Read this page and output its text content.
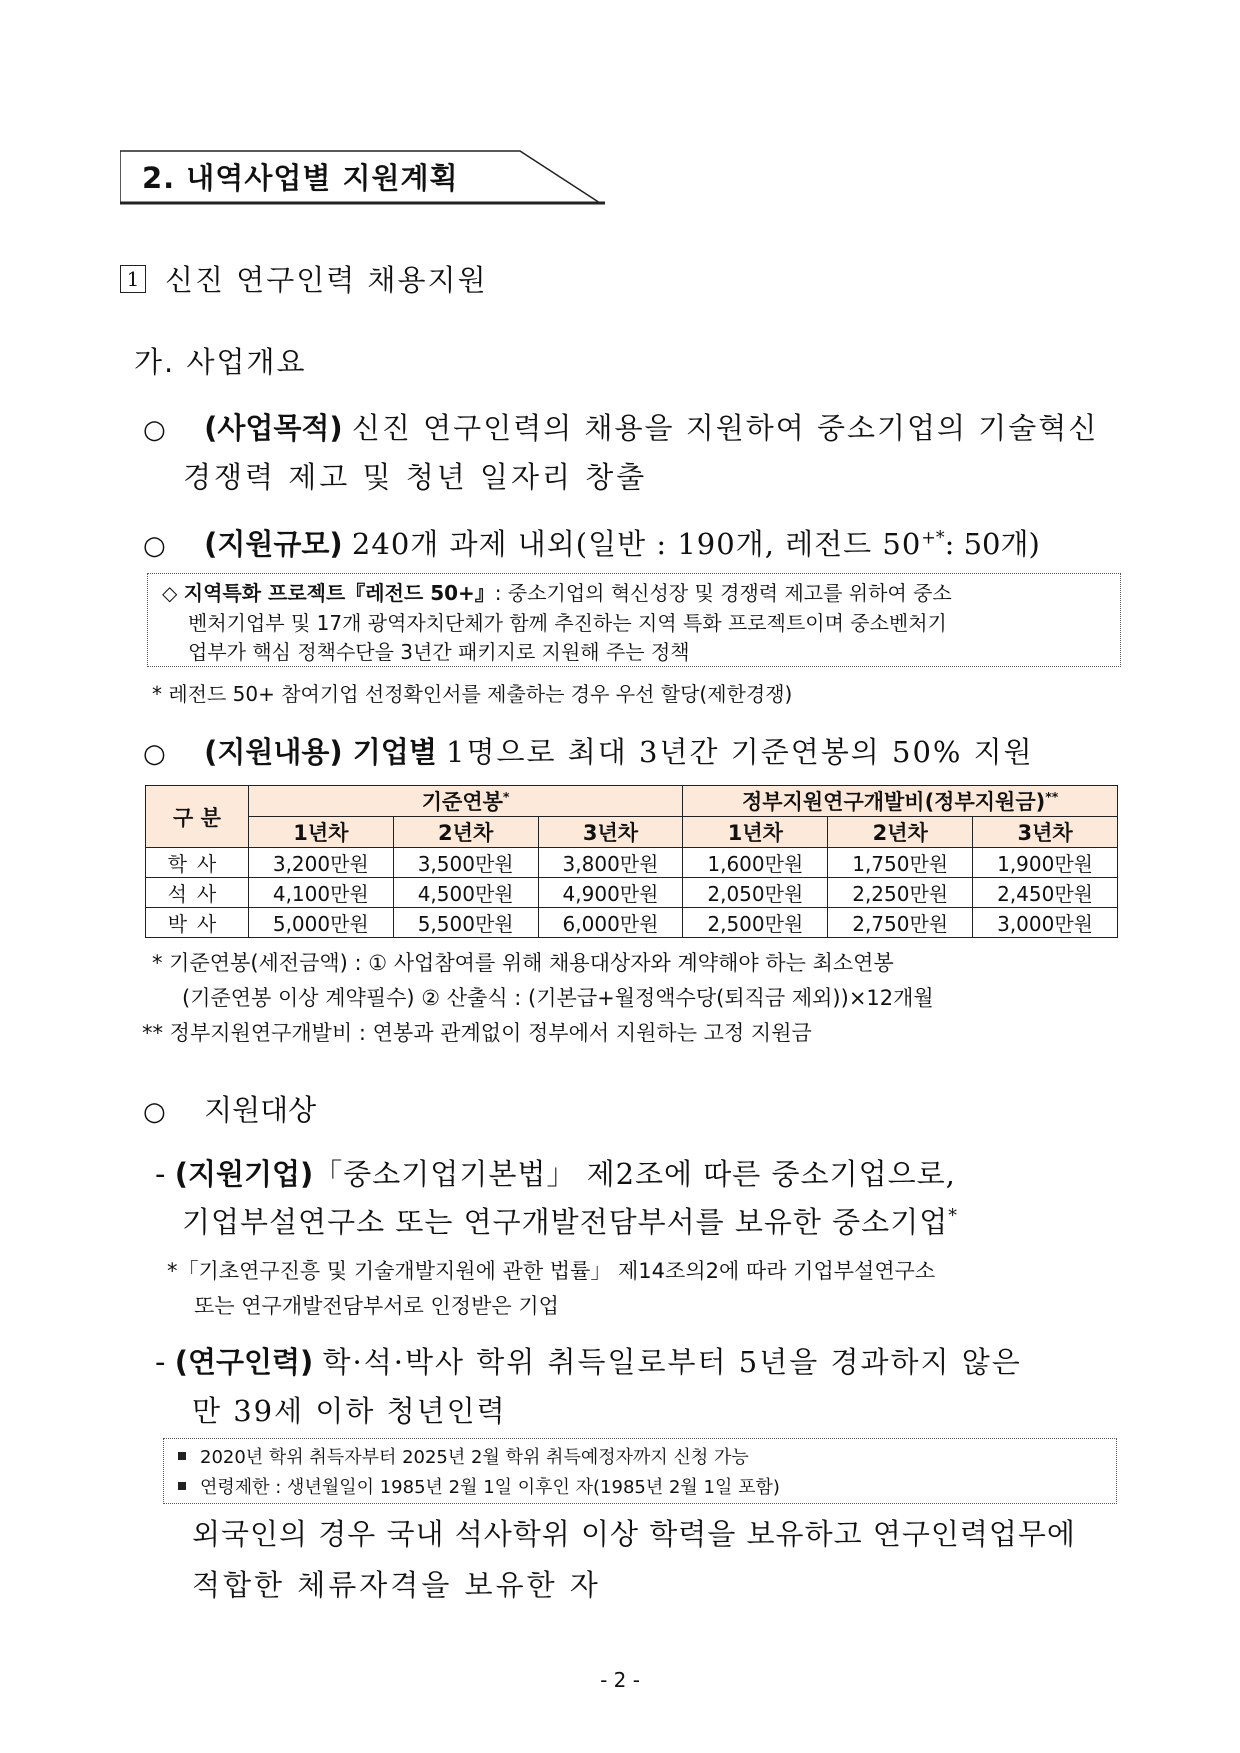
2. 내역사업별 지원계획
1 신진 연구인력 채용지원
가. 사업개요
○ (사업목적) 신진 연구인력의 채용을 지원하여 중소기업의 기술혁신
경쟁력 제고 및 청년 일자리 창출
○ (지원규모) 240개 과제 내외(일반 : 190개, 레전드 50+*: 50개)
◇ 지역특화 프로젝트『레전드 50+』: 중소기업의 혁신성장 및 경쟁력 제고를 위하여 중소
벤처기업부 및 17개 광역자치단체가 함께 추진하는 지역 특화 프로젝트이며 중소벤처기
업부가 핵심 정책수단을 3년간 패키지로 지원해 주는 정책
* 레전드 50+ 참여기업 선정확인서를 제출하는 경우 우선 할당(제한경쟁)
○ (지원내용) 기업별 1명으로 최대 3년간 기준연봉의 50% 지원
구 분	기준연봉*			정부지원연구개발비(정부지원금)**
	1년차	2년차	3년차	1년차	2년차	3년차
학사	3,200만원	3,500만원	3,800만원	1,600만원	1,750만원	1,900만원
석사	4,100만원	4,500만원	4,900만원	2,050만원	2,250만원	2,450만원
박사	5,000만원	5,500만원	6,000만원	2,500만원	2,750만원	3,000만원
* 기준연봉(세전금액) : ① 사업참여를 위해 채용대상자와 계약해야 하는 최소연봉
(기준연봉 이상 계약필수) ② 산출식 : (기본급+월정액수당(퇴직금 제외))×12개월
** 정부지원연구개발비 : 연봉과 관계없이 정부에서 지원하는 고정 지원금
○ 지원대상
- (지원기업)「중소기업기본법」 제2조에 따른 중소기업으로,
기업부설연구소 또는 연구개발전담부서를 보유한 중소기업*
*「기초연구진흥 및 기술개발지원에 관한 법률」 제14조의2에 따라 기업부설연구소
또는 연구개발전담부서로 인정받은 기업
- (연구인력) 학·석·박사 학위 취득일로부터 5년을 경과하지 않은
만 39세 이하 청년인력
2020년 학위 취득자부터 2025년 2월 학위 취득예정자까지 신청 가능
연령제한 : 생년월일이 1985년 2월 1일 이후인 자(1985년 2월 1일 포함)
외국인의 경우 국내 석사학위 이상 학력을 보유하고 연구인력업무에
적합한 체류자격을 보유한 자
- 2 -
